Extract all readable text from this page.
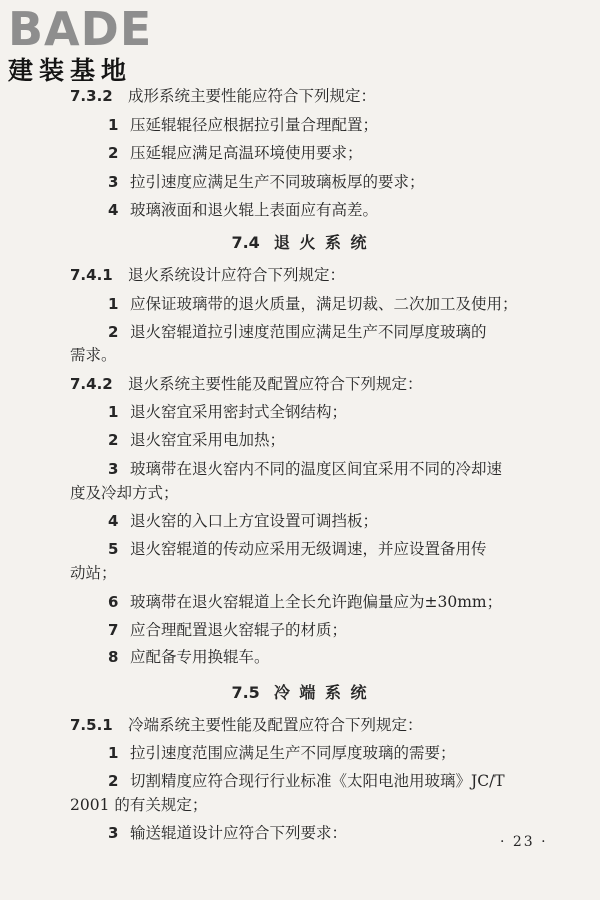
BADE
建装基地
7.3.2 成形系统主要性能应符合下列规定：
1 压延辊辊径应根据拉引量合理配置；
2 压延辊应满足高温环境使用要求；
3 拉引速度应满足生产不同玻璃板厚的要求；
4 玻璃液面和退火辊上表面应有高差。
7.4 退 火 系 统
7.4.1 退火系统设计应符合下列规定：
1 应保证玻璃带的退火质量，满足切裁、二次加工及使用；
2 退火窑辊道拉引速度范围应满足生产不同厚度玻璃的
需求。
7.4.2 退火系统主要性能及配置应符合下列规定：
1 退火窑宜采用密封式全钢结构；
2 退火窑宜采用电加热；
3 玻璃带在退火窑内不同的温度区间宜采用不同的冷却速
度及冷却方式；
4 退火窑的入口上方宜设置可调挡板；
5 退火窑辊道的传动应采用无级调速，并应设置备用传
动站；
6 玻璃带在退火窑辊道上全长允许跑偏量应为±30mm；
7 应合理配置退火窑辊子的材质；
8 应配备专用换辊车。
7.5 冷 端 系 统
7.5.1 冷端系统主要性能及配置应符合下列规定：
1 拉引速度范围应满足生产不同厚度玻璃的需要；
2 切割精度应符合现行行业标准《太阳电池用玻璃》JC/T
2001 的有关规定；
3 输送辊道设计应符合下列要求：	· 23 ·
